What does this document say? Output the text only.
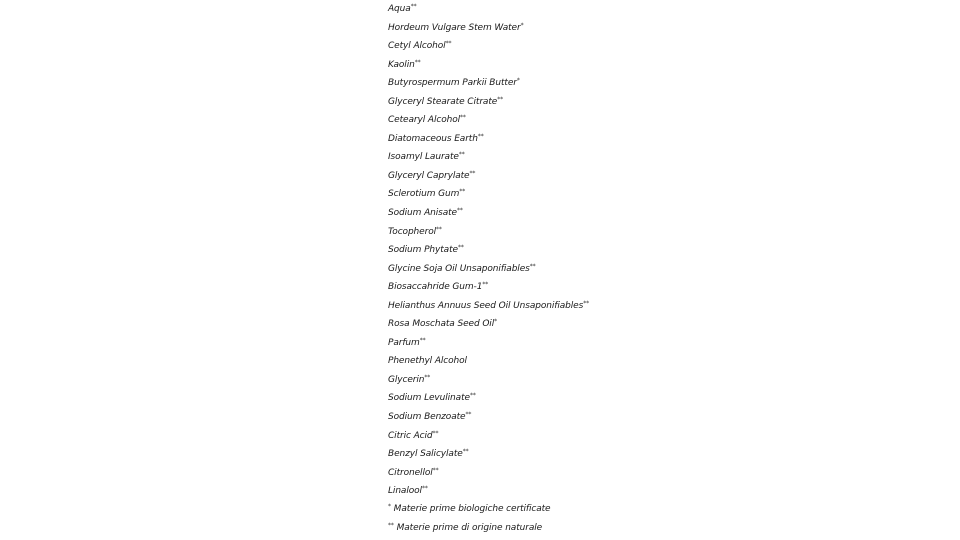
Aqua**
Hordeum Vulgare Stem Water*
Cetyl Alcohol**
Kaolin**
Butyrospermum Parkii Butter*
Glyceryl Stearate Citrate**
Cetearyl Alcohol**
Diatomaceous Earth**
Isoamyl Laurate**
Glyceryl Caprylate**
Sclerotium Gum**
Sodium Anisate**
Tocopherol**
Sodium Phytate**
Glycine Soja Oil Unsaponifiables**
Biosaccahride Gum-1**
Helianthus Annuus Seed Oil Unsaponifiables**
Rosa Moschata Seed Oil*
Parfum**
Phenethyl Alcohol
Glycerin**
Sodium Levulinate**
Sodium Benzoate**
Citric Acid**
Benzyl Salicylate**
Citronellol**
Linalool**
* Materie prime biologiche certificate
** Materie prime di origine naturale
